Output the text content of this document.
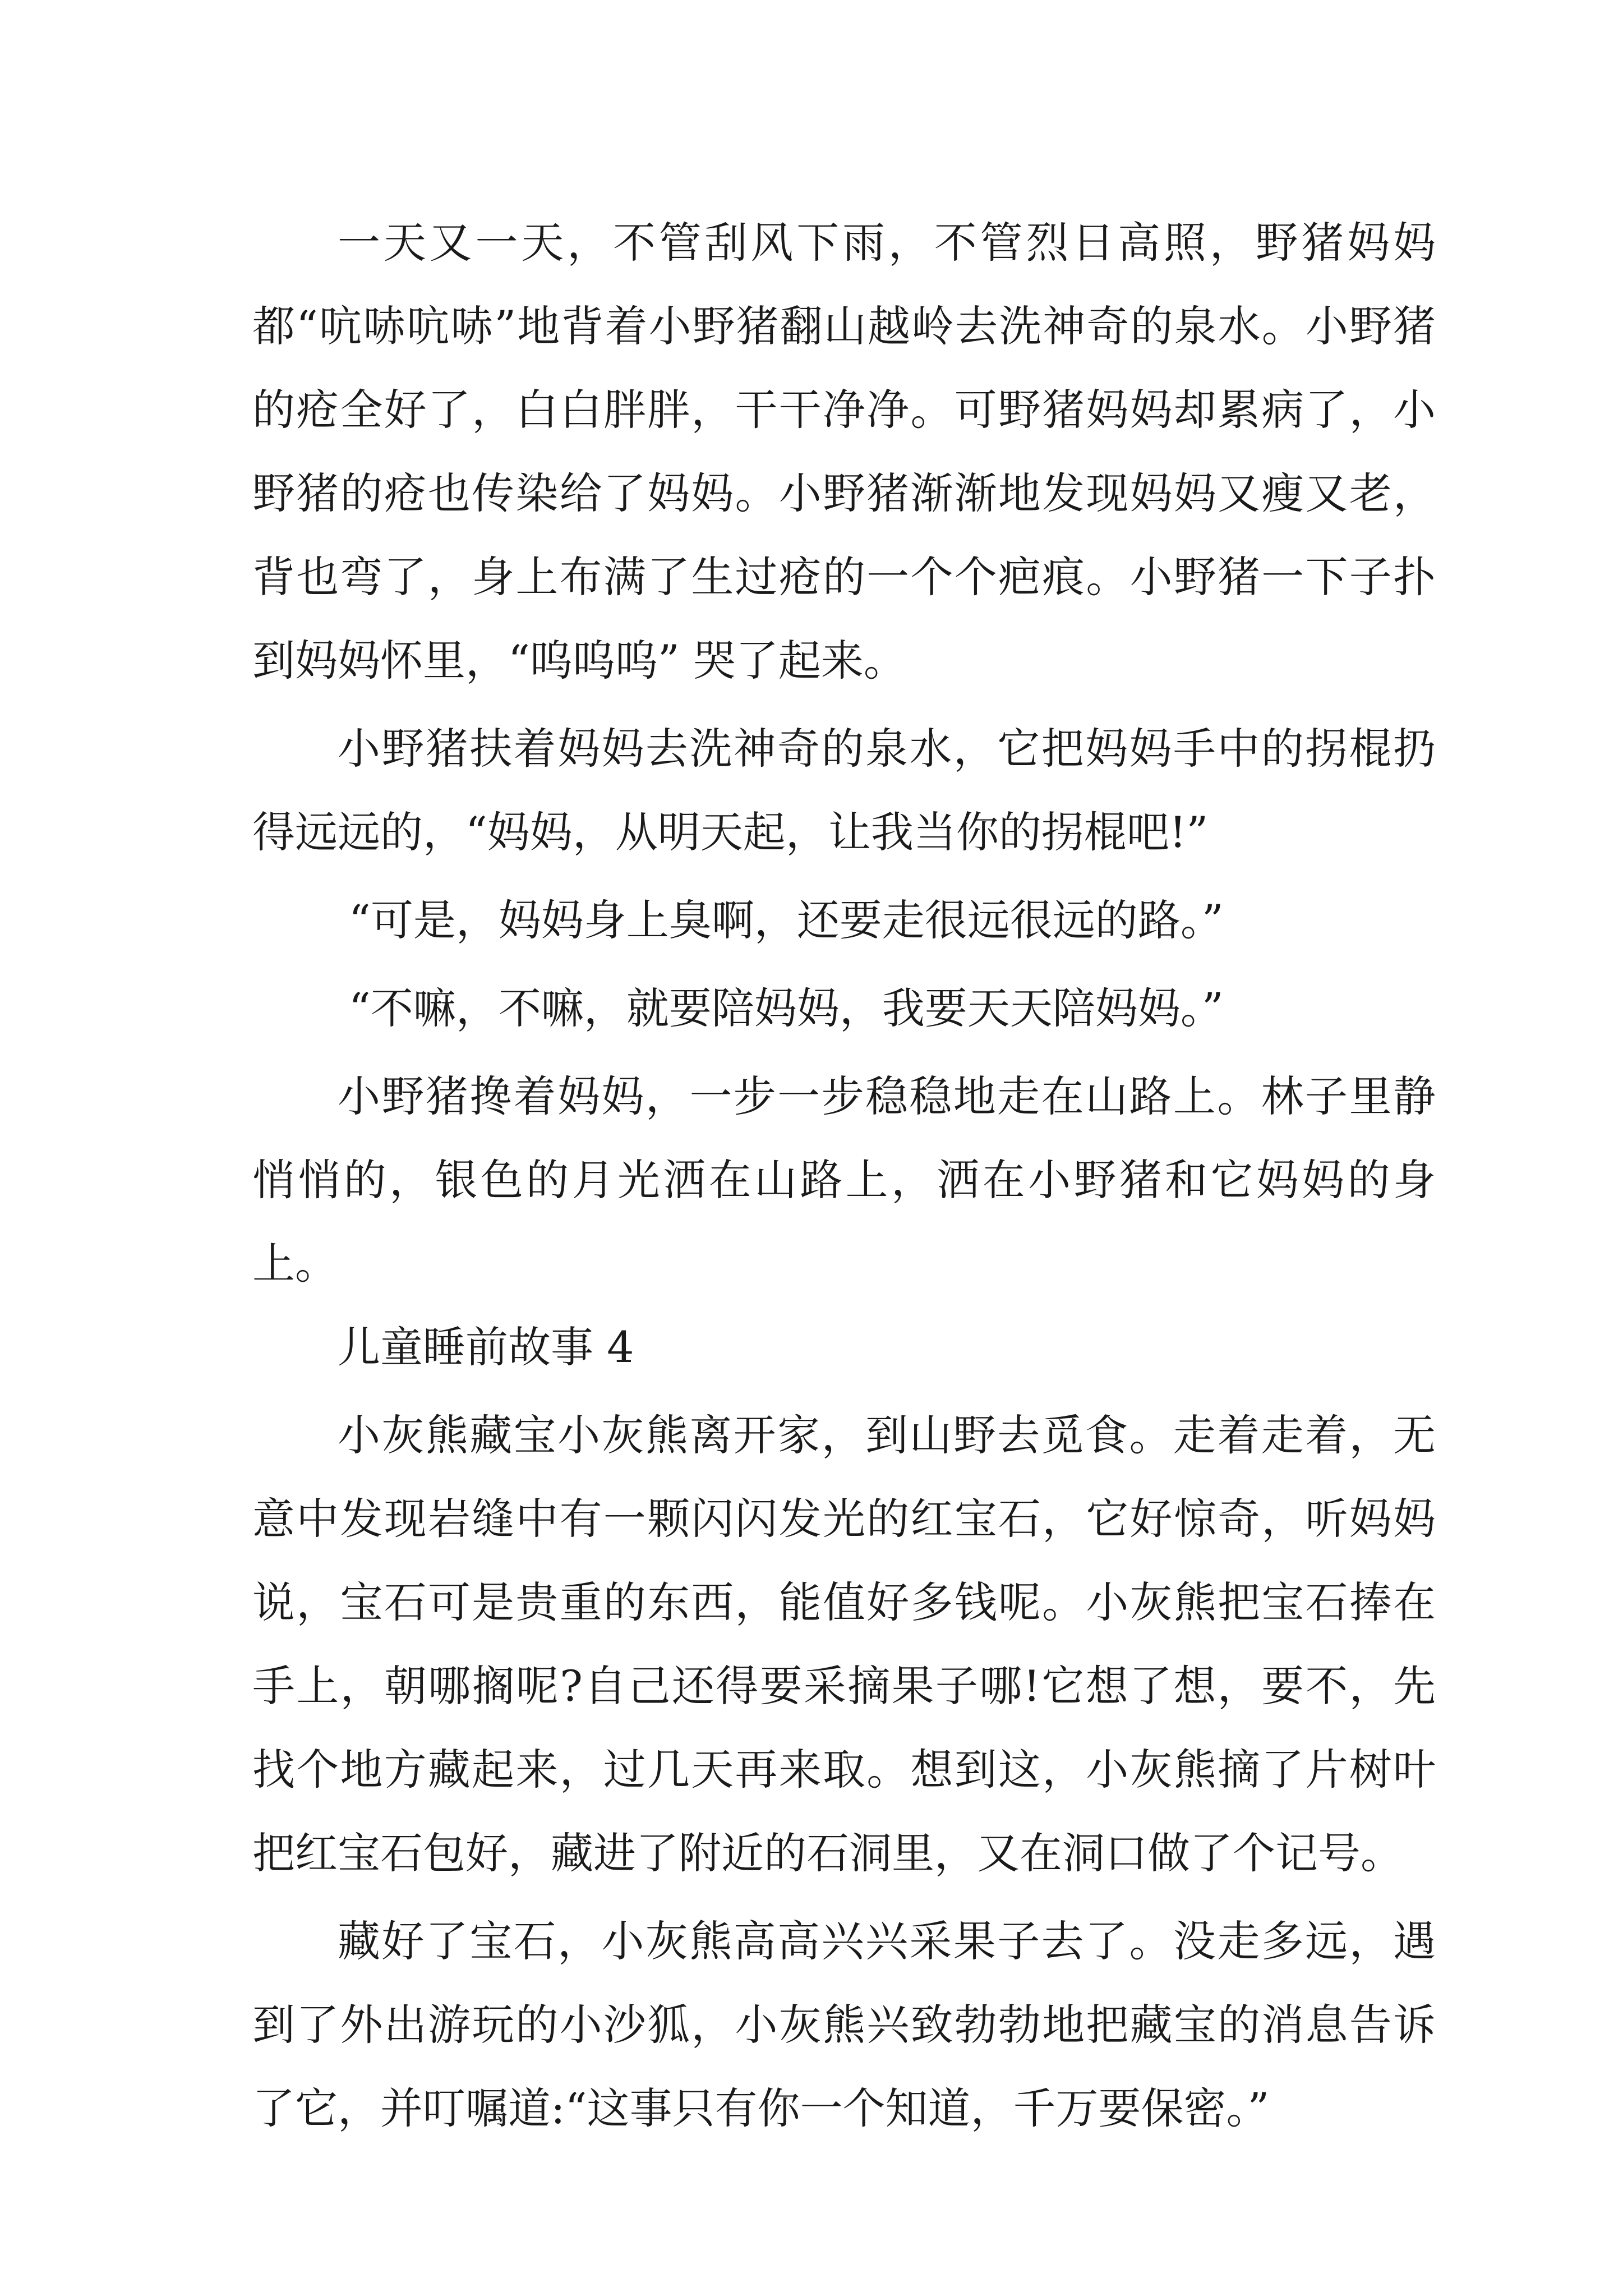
一天又一天，不管刮风下雨，不管烈日高照，野猪妈妈都“吭哧吭哧”地背着小野猪翻山越岭去洗神奇的泉水。小野猪的疮全好了，白白胖胖，干干净净。可野猪妈妈却累病了，小野猪的疮也传染给了妈妈。小野猪渐渐地发现妈妈又瘦又老，背也弯了，身上布满了生过疮的一个个疤痕。小野猪一下子扑到妈妈怀里，“呜呜呜” 哭了起来。

小野猪扶着妈妈去洗神奇的泉水，它把妈妈手中的拐棍扔得远远的，“妈妈，从明天起，让我当你的拐棍吧!”

“可是，妈妈身上臭啊，还要走很远很远的路。”

“不嘛，不嘛，就要陪妈妈，我要天天陪妈妈。”

小野猪搀着妈妈，一步一步稳稳地走在山路上。林子里静悄悄的，银色的月光洒在山路上，洒在小野猪和它妈妈的身上。

儿童睡前故事 4

小灰熊藏宝小灰熊离开家，到山野去觅食。走着走着，无意中发现岩缝中有一颗闪闪发光的红宝石，它好惊奇，听妈妈说，宝石可是贵重的东西，能值好多钱呢。小灰熊把宝石捧在手上，朝哪搁呢?自己还得要采摘果子哪!它想了想，要不，先找个地方藏起来，过几天再来取。想到这，小灰熊摘了片树叶把红宝石包好，藏进了附近的石洞里，又在洞口做了个记号。

藏好了宝石，小灰熊高高兴兴采果子去了。没走多远，遇到了外出游玩的小沙狐，小灰熊兴致勃勃地把藏宝的消息告诉了它，并叮嘱道:“这事只有你一个知道，千万要保密。”
